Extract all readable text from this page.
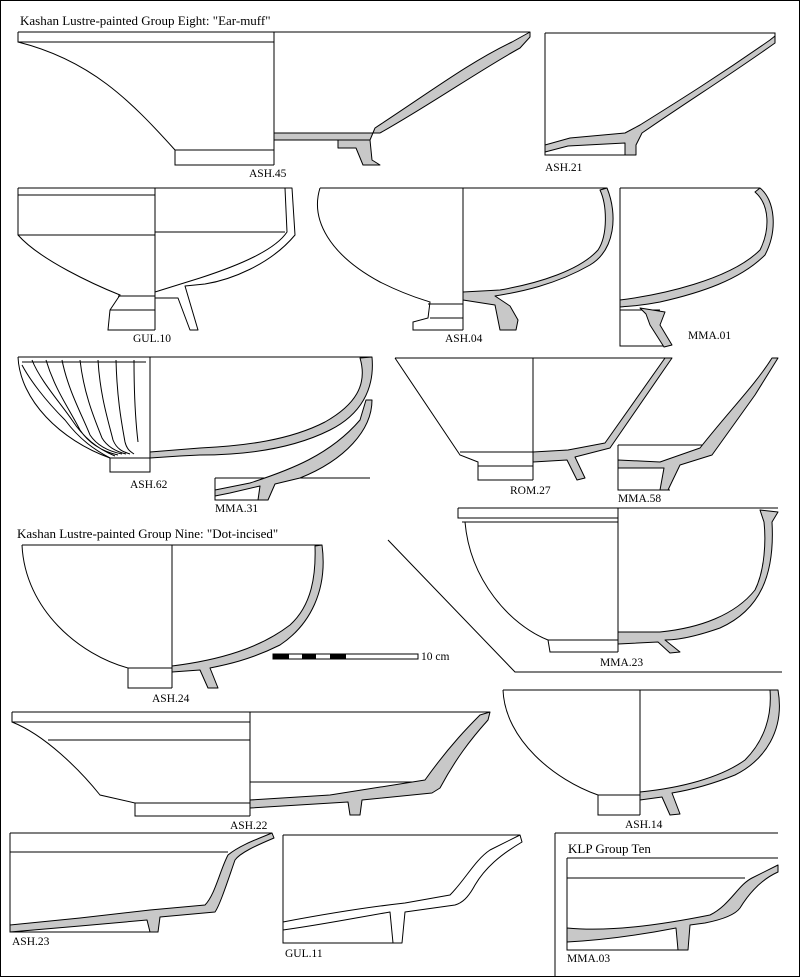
Kashan Lustre-painted Group Eight: "Ear-muff"
Kashan Lustre-painted Group Nine: "Dot-incised"
ASH.45	ASH.21
GUL.10	ASH.04	MMA.01
ASH.62
MMA.31
ROM.27
MMA.58
ASH.24
10 cm	MMA.23
ASH.22	ASH.14
ASH.23
GUL.11
KLP Group Ten
MMA.03
